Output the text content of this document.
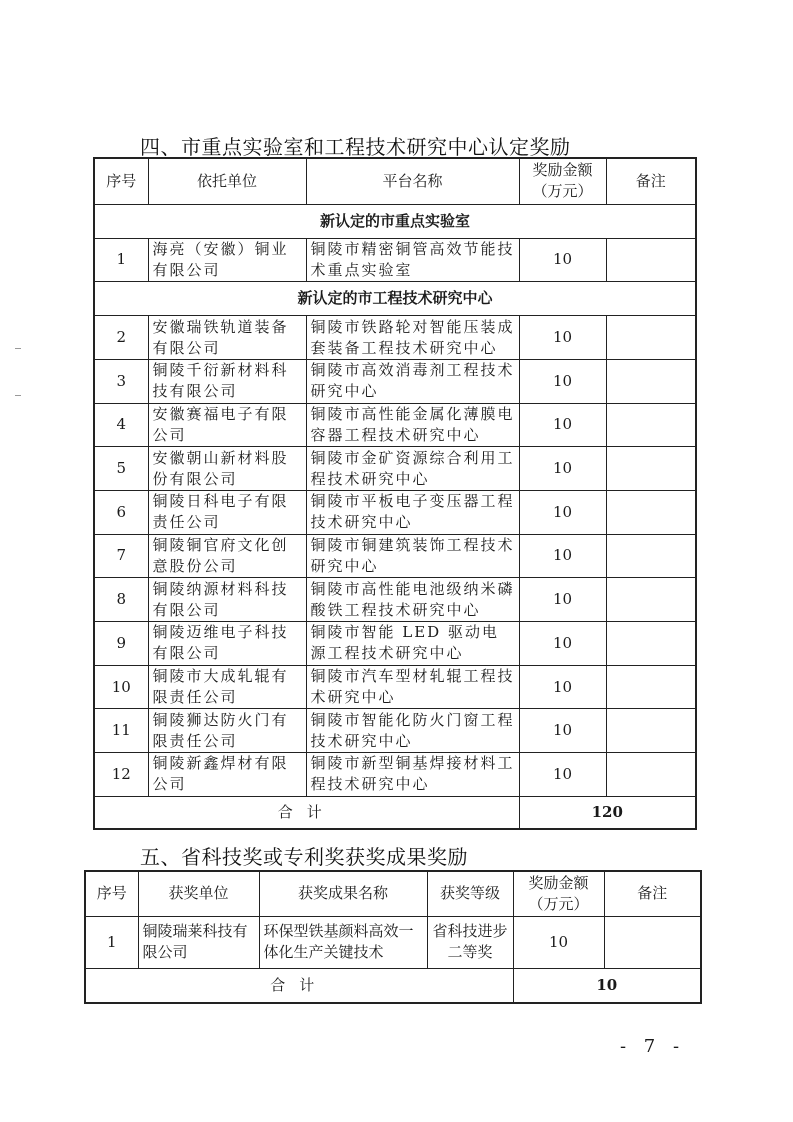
四、市重点实验室和工程技术研究中心认定奖励
序号	依托单位	平台名称	奖励金额（万元）	备注
新认定的市重点实验室				
1	海亮（安徽）铜业有限公司	铜陵市精密铜管高效节能技术重点实验室	10	
新认定的市工程技术研究中心				
2	安徽瑞铁轨道装备有限公司	铜陵市铁路轮对智能压装成套装备工程技术研究中心	10	
3	铜陵千衍新材料科技有限公司	铜陵市高效消毒剂工程技术研究中心	10	
4	安徽赛福电子有限公司	铜陵市高性能金属化薄膜电容器工程技术研究中心	10	
5	安徽朝山新材料股份有限公司	铜陵市金矿资源综合利用工程技术研究中心	10	
6	铜陵日科电子有限责任公司	铜陵市平板电子变压器工程技术研究中心	10	
7	铜陵铜官府文化创意股份公司	铜陵市铜建筑装饰工程技术研究中心	10	
8	铜陵纳源材料科技有限公司	铜陵市高性能电池级纳米磷酸铁工程技术研究中心	10	
9	铜陵迈维电子科技有限公司	铜陵市智能 LED 驱动电源工程技术研究中心	10	
10	铜陵市大成轧辊有限责任公司	铜陵市汽车型材轧辊工程技术研究中心	10	
11	铜陵狮达防火门有限责任公司	铜陵市智能化防火门窗工程技术研究中心	10	
12	铜陵新鑫焊材有限公司	铜陵市新型铜基焊接材料工程技术研究中心	10	
合计			120	
五、省科技奖或专利奖获奖成果奖励
序号	获奖单位	获奖成果名称	获奖等级	奖励金额（万元）	备注
1	铜陵瑞莱科技有限公司	环保型铁基颜料高效一体化生产关键技术	省科技进步二等奖	10	
合计				10	
- 7 -
